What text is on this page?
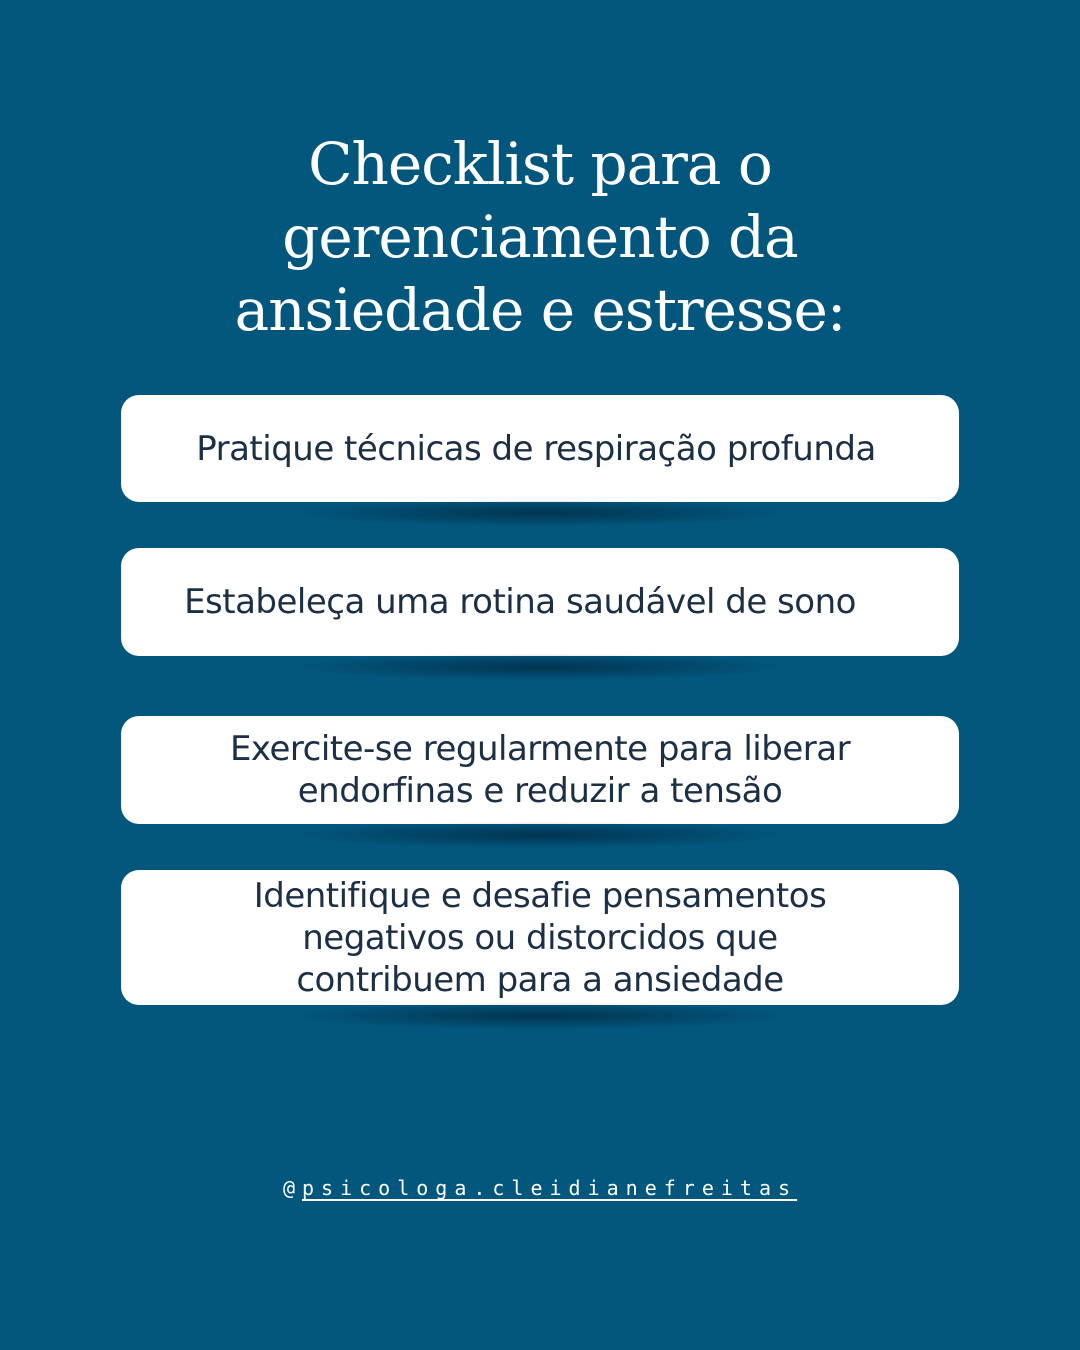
Checklist para o
gerenciamento da
ansiedade e estresse:
Pratique técnicas de respiração profunda
Estabeleça uma rotina saudável de sono
Exercite-se regularmente para liberar
endorfinas e reduzir a tensão
Identifique e desafie pensamentos
negativos ou distorcidos que
contribuem para a ansiedade
@psicologa.cleidianefreitas
